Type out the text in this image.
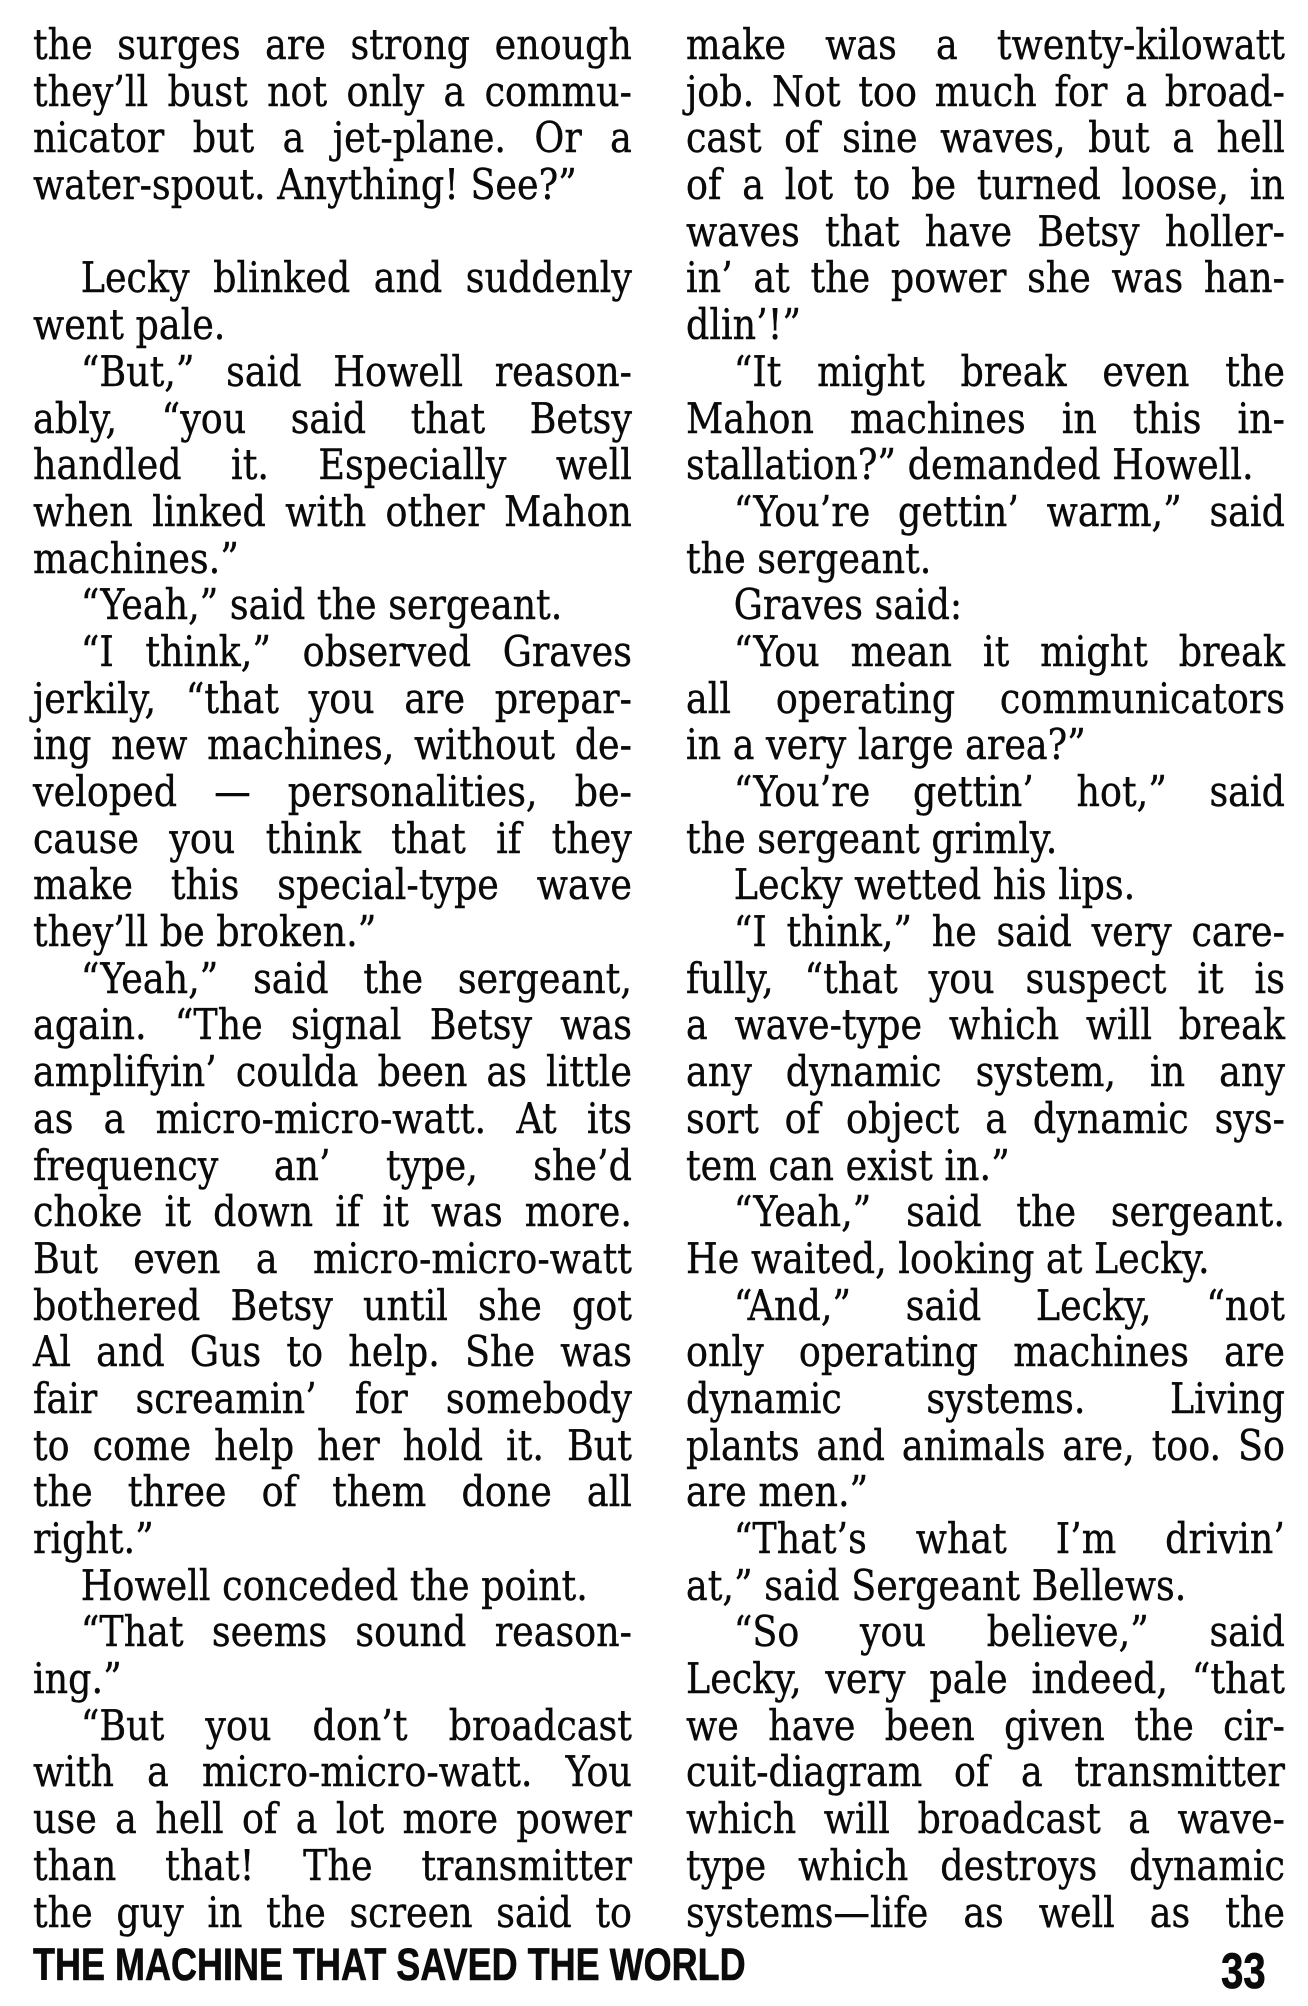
the surges are strong enough
they’ll bust not only a commu-
nicator but a jet-plane. Or a
water-spout. Anything! See?”
Lecky blinked and suddenly
went pale.
“But,” said Howell reason-
ably, “you said that Betsy
handled it. Especially well
when linked with other Mahon
machines.”
“Yeah,” said the sergeant.
“I think,” observed Graves
jerkily, “that you are prepar-
ing new machines, without de-
veloped — personalities, be-
cause you think that if they
make this special-type wave
they’ll be broken.”
“Yeah,” said the sergeant,
again. “The signal Betsy was
amplifyin’ coulda been as little
as a micro-micro-watt. At its
frequency an’ type, she’d
choke it down if it was more.
But even a micro-micro-watt
bothered Betsy until she got
Al and Gus to help. She was
fair screamin’ for somebody
to come help her hold it. But
the three of them done all
right.”
Howell conceded the point.
“That seems sound reason-
ing.”
“But you don’t broadcast
with a micro-micro-watt. You
use a hell of a lot more power
than that! The transmitter
the guy in the screen said to
make was a twenty-kilowatt
job. Not too much for a broad-
cast of sine waves, but a hell
of a lot to be turned loose, in
waves that have Betsy holler-
in’ at the power she was han-
dlin’!”
“It might break even the
Mahon machines in this in-
stallation?” demanded Howell.
“You’re gettin’ warm,” said
the sergeant.
Graves said:
“You mean it might break
all operating communicators
in a very large area?”
“You’re gettin’ hot,” said
the sergeant grimly.
Lecky wetted his lips.
“I think,” he said very care-
fully, “that you suspect it is
a wave-type which will break
any dynamic system, in any
sort of object a dynamic sys-
tem can exist in.”
“Yeah,” said the sergeant.
He waited, looking at Lecky.
“And,” said Lecky, “not
only operating machines are
dynamic systems. Living
plants and animals are, too. So
are men.”
“That’s what I’m drivin’
at,” said Sergeant Bellews.
“So you believe,” said
Lecky, very pale indeed, “that
we have been given the cir-
cuit-diagram of a transmitter
which will broadcast a wave-
type which destroys dynamic
systems—life as well as the
THE MACHINE THAT SAVED THE WORLD	33
